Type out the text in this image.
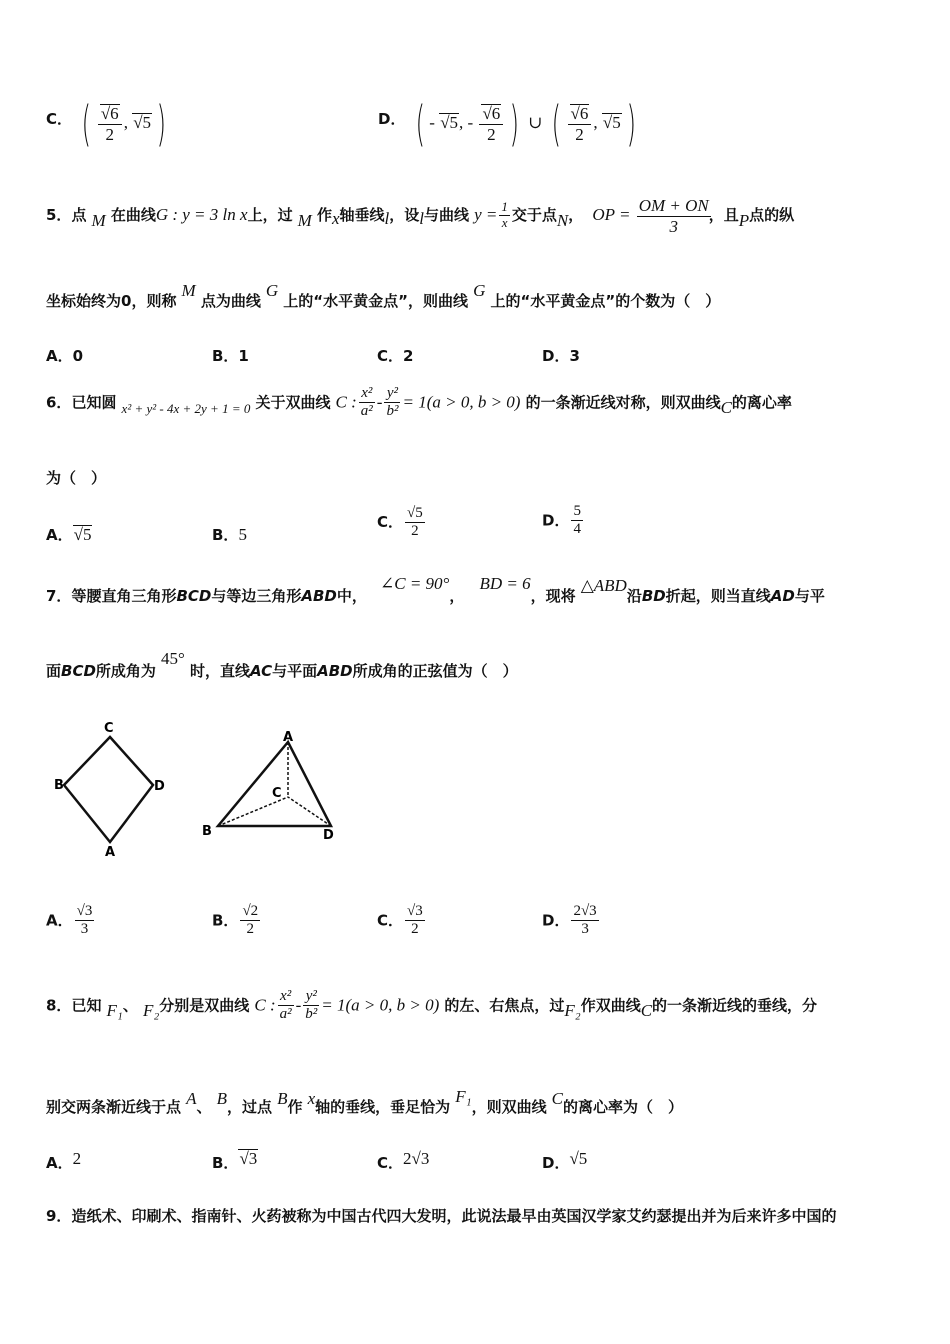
C． ( $\frac{√6}{2}$ , √5 )	D． ( - √5, - $\frac{√6}{2}$ ) ∪ ( $\frac{√6}{2}$ , √5 )
5．点 M 在曲线G : y = 3 ln x上，过 M 作x轴垂线l，设l与曲线 $y = \frac{1}{x}$ 交于点N， OP = $\frac{OM + ON}{3}$
，且P点的纵
坐标始终为0，则称 M 点为曲线 G 上的“水平黄金点”，则曲线 G 上的“水平黄金点”的个数为（　）
A．0	B．1	C．2	D．3
6．已知圆 $_{x^2 + y^2 - 4x + 2y + 1 = 0}$ 关于双曲线 C : $\frac{\text{x²}}{\text{a²}} - \frac{\text{y²}}{\text{b²}} = 1(a > 0$, b > 0) 的一条渐近线对称，则双曲线C的离心率
为（　）
A．√5	B．5
C． $\frac{√5}{2}$	D． $\frac{5}{4}$
7．等腰直角三角形BCD与等边三角形ABD中， ∠C = 90°， BD = 6，现将 △ABD沿BD折起，则当直线AD与平
面BCD所成角为 45° 时，直线AC与平面ABD所成角的正弦值为（　）
C
B	D
A
A
C
B	D
A． $\frac{√3}{3}$	B． $\frac{√2}{2}$	C． $\frac{√3}{2}$	D． $\frac{2√3}{3}$
8．已知 F₁、 F₂分别是双曲线 C : $\frac{\text{x²}}{\text{a²}} - \frac{\text{y²}}{\text{b²}} = 1(a > 0$, b > 0) 的左、右焦点，过F₂作双曲线C的一条渐近线的垂线，分
别交两条渐近线于点 A、 B，过点 B作 x轴的垂线，垂足恰为 F₁，则双曲线 C的离心率为（　）
A．2	B．√3	C．2√3	D．√5
9．造纸术、印刷术、指南针、火药被称为中国古代四大发明，此说法最早由英国汉学家艾约瑟提出并为后来许多中国的
